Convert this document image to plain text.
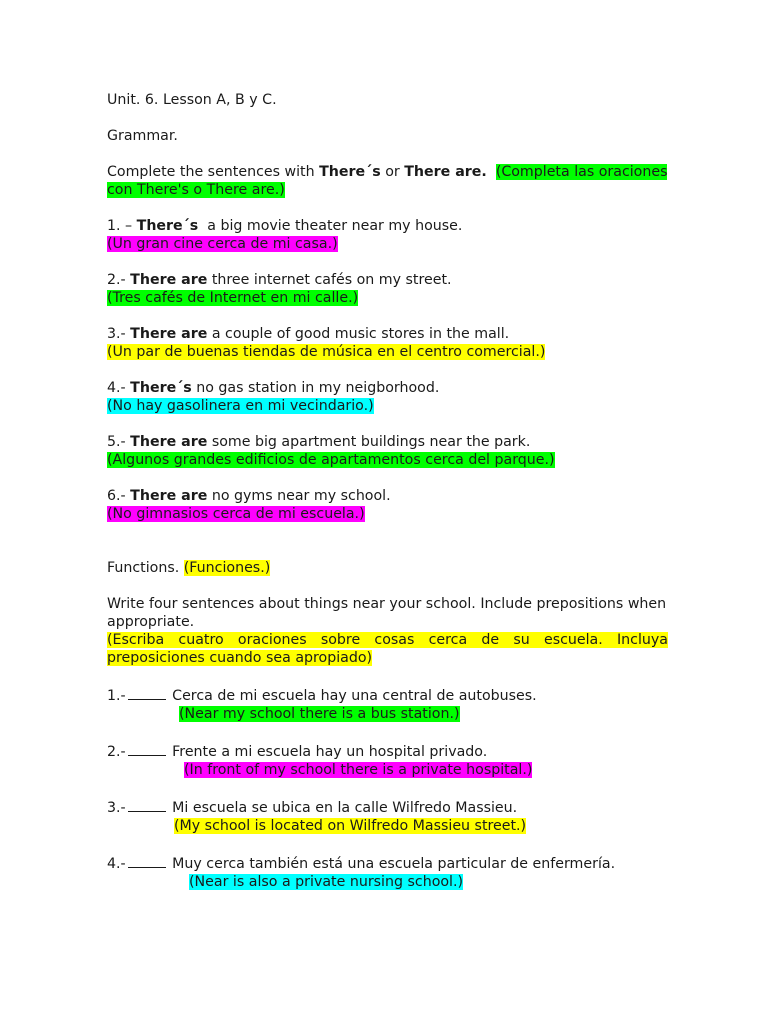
Unit. 6. Lesson A, B y C.

Grammar.

Complete the sentences with There´s or There are. (Completa las oraciones con There's o There are.)

1. – There´s  a big movie theater near my house.

(Un gran cine cerca de mi casa.)

2.- There are three internet cafés on my street.

(Tres cafés de Internet en mi calle.)

3.- There are a couple of good music stores in the mall.

(Un par de buenas tiendas de música en el centro comercial.)

4.- There´s no gas station in my neigborhood.

(No hay gasolinera en mi vecindario.)

5.- There are some big apartment buildings near the park.

(Algunos grandes edificios de apartamentos cerca del parque.)

6.- There are no gyms near my school.

(No gimnasios cerca de mi escuela.)

Functions. (Funciones.)

Write four sentences about things near your school. Include prepositions when appropriate.

(Escriba cuatro oraciones sobre cosas cerca de su escuela. Incluya preposiciones cuando sea apropiado)

1.-	Cerca de mi escuela hay una central de autobuses.

(Near my school there is a bus station.)

2.-	Frente a mi escuela hay un hospital privado.

(In front of my school there is a private hospital.)

3.-	Mi escuela se ubica en la calle Wilfredo Massieu.

(My school is located on Wilfredo Massieu street.)

4.-	Muy cerca también está una escuela particular de enfermería.

(Near is also a private nursing school.)
